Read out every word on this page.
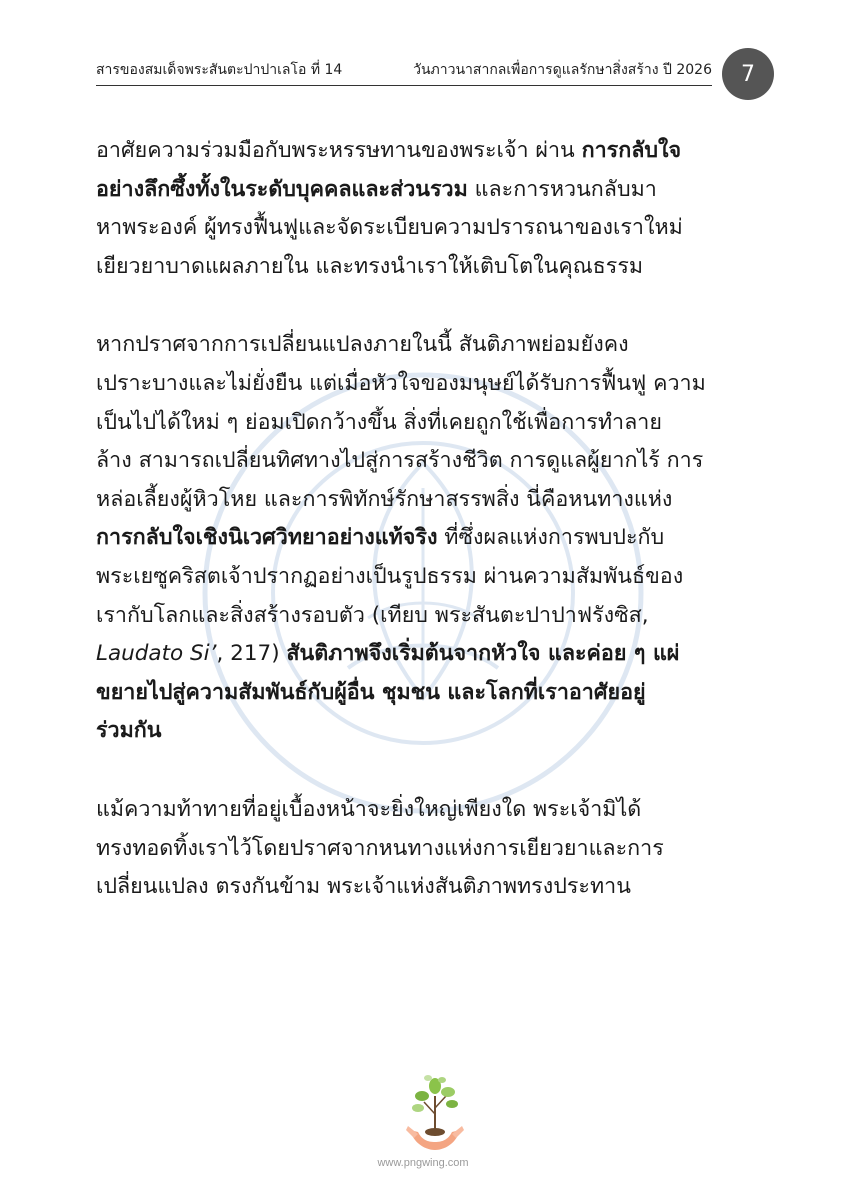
สารของสมเด็จพระสันตะปาปาเลโอ ที่ 14	วันภาวนาสากลเพื่อการดูแลรักษาสิ่งสร้าง ปี 2026	7

อาศัยความร่วมมือกับพระหรรษทานของพระเจ้า ผ่าน การกลับใจ
อย่างลึกซึ้งทั้งในระดับบุคคลและส่วนรวม และการหวนกลับมา
หาพระองค์ ผู้ทรงฟื้นฟูและจัดระเบียบความปรารถนาของเราใหม่
เยียวยาบาดแผลภายใน และทรงนำเราให้เติบโตในคุณธรรม

หากปราศจากการเปลี่ยนแปลงภายในนี้ สันติภาพย่อมยังคง
เปราะบางและไม่ยั่งยืน แต่เมื่อหัวใจของมนุษย์ได้รับการฟื้นฟู ความ
เป็นไปได้ใหม่ ๆ ย่อมเปิดกว้างขึ้น สิ่งที่เคยถูกใช้เพื่อการทำลาย
ล้าง สามารถเปลี่ยนทิศทางไปสู่การสร้างชีวิต การดูแลผู้ยากไร้ การ
หล่อเลี้ยงผู้หิวโหย และการพิทักษ์รักษาสรรพสิ่ง นี่คือหนทางแห่ง
การกลับใจเชิงนิเวศวิทยาอย่างแท้จริง ที่ซึ่งผลแห่งการพบปะกับ
พระเยซูคริสตเจ้าปรากฏอย่างเป็นรูปธรรม ผ่านความสัมพันธ์ของ
เรากับโลกและสิ่งสร้างรอบตัว (เทียบ พระสันตะปาปาฟรังซิส,
Laudato Si’, 217) สันติภาพจึงเริ่มต้นจากหัวใจ และค่อย ๆ แผ่
ขยายไปสู่ความสัมพันธ์กับผู้อื่น ชุมชน และโลกที่เราอาศัยอยู่
ร่วมกัน

แม้ความท้าทายที่อยู่เบื้องหน้าจะยิ่งใหญ่เพียงใด พระเจ้ามิได้
ทรงทอดทิ้งเราไว้โดยปราศจากหนทางแห่งการเยียวยาและการ
เปลี่ยนแปลง ตรงกันข้าม พระเจ้าแห่งสันติภาพทรงประทาน

www.pngwing.com
